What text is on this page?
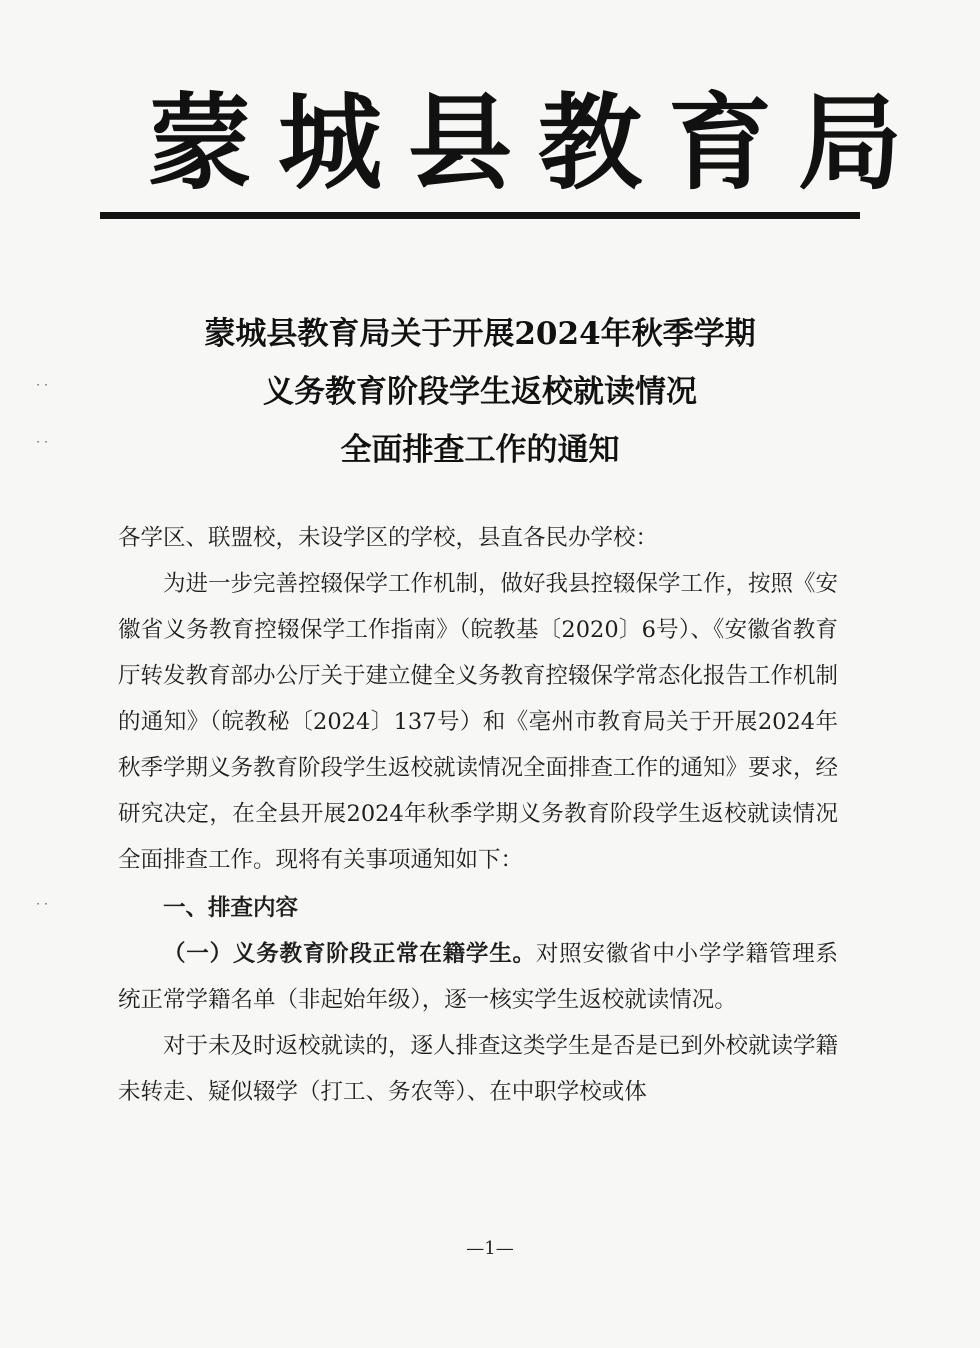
蒙城县教育局
蒙城县教育局关于开展2024年秋季学期
义务教育阶段学生返校就读情况
全面排查工作的通知

各学区、联盟校，未设学区的学校，县直各民办学校：

为进一步完善控辍保学工作机制，做好我县控辍保学工作，按照《安徽省义务教育控辍保学工作指南》（皖教基〔2020〕6号）、《安徽省教育厅转发教育部办公厅关于建立健全义务教育控辍保学常态化报告工作机制的通知》（皖教秘〔2024〕137号）和《亳州市教育局关于开展2024年秋季学期义务教育阶段学生返校就读情况全面排查工作的通知》要求，经研究决定，在全县开展2024年秋季学期义务教育阶段学生返校就读情况全面排查工作。现将有关事项通知如下：

一、排查内容

（一）义务教育阶段正常在籍学生。对照安徽省中小学学籍管理系统正常学籍名单（非起始年级），逐一核实学生返校就读情况。

对于未及时返校就读的，逐人排查这类学生是否是已到外校就读学籍未转走、疑似辍学（打工、务农等）、在中职学校或体

—1—
⋅ ⋅
⋅ ⋅
⋅ ⋅
